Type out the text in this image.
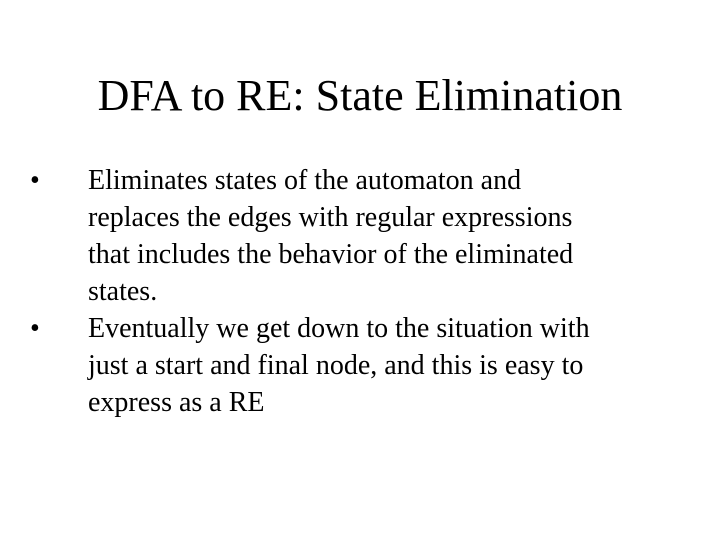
DFA to RE: State Elimination
• Eliminates states of the automaton and
replaces the edges with regular expressions
that includes the behavior of the eliminated
states.
• Eventually we get down to the situation with
just a start and final node, and this is easy to
express as a RE
